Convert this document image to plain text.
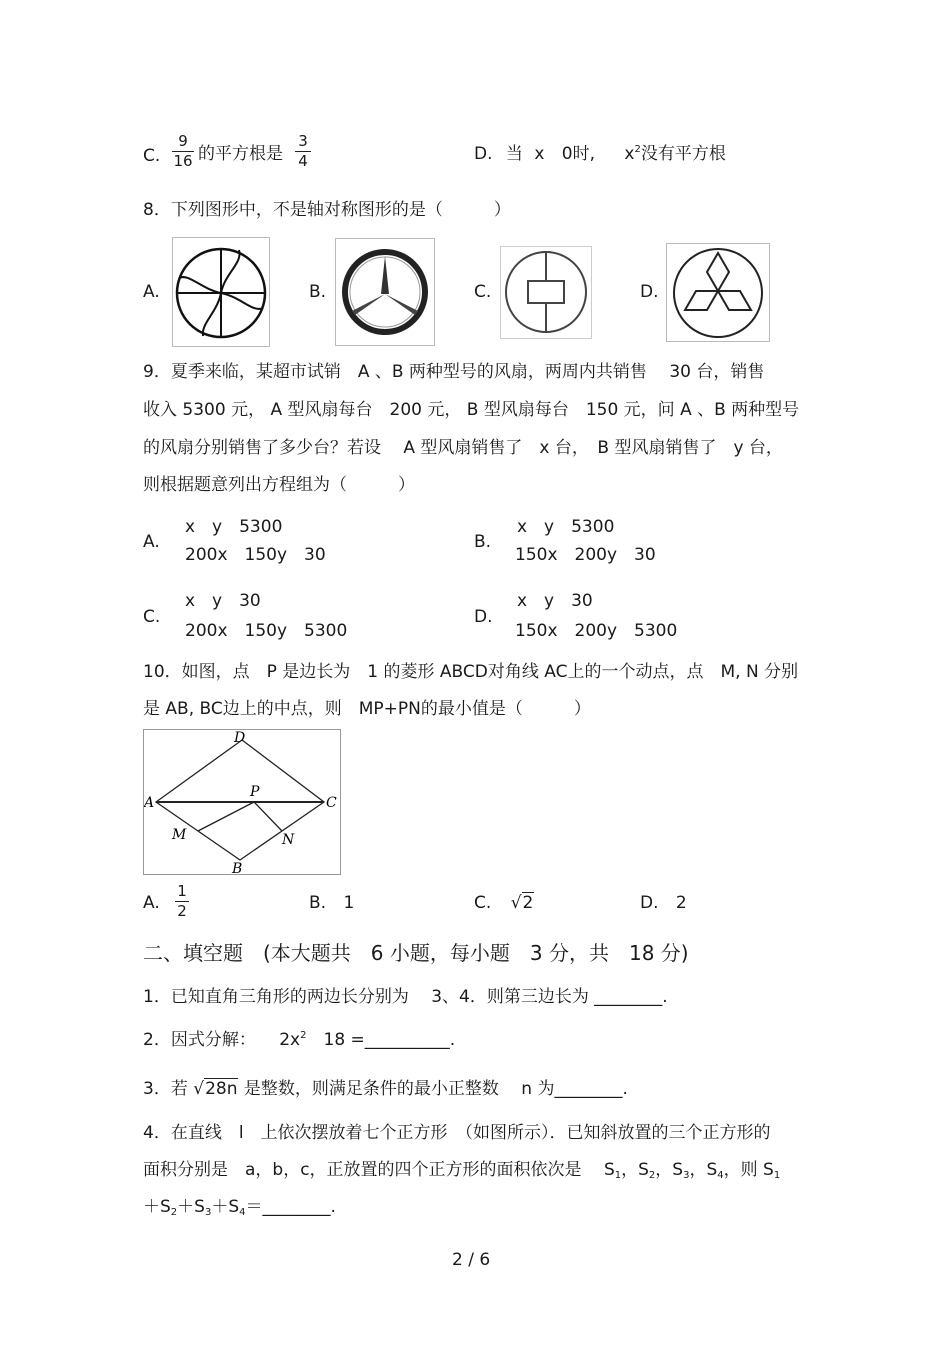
C.
9
16 的平方根是
3
4	D. 当 x 0时, $x^2$没有平方根
8．下列图形中，不是轴对称图形的是（　　　）
A.	B.	C.	D.
9．夏季来临，某超市试销　A 、B 两种型号的风扇，两周内共销售　 30 台，销售
收入 5300 元， A 型风扇每台　200 元， B 型风扇每台　150 元，问 A 、B 两种型号
的风扇分别销售了多少台？若设　 A 型风扇销售了　x 台，　B 型风扇销售了　y 台，
则根据题意列出方程组为（　　　）
A.
x　y　5300
200x　150y　30
B.
x　y　5300
150x　200y　30
C.
x　y　30
200x　150y　5300
D.
x　y　30
150x　200y　5300
10．如图，点　P 是边长为　1 的菱形 ABCD对角线 AC上的一个动点，点　M, N 分别
是 AB, BC边上的中点，则　MP+PN的最小值是（　　　）
D
A	C
B
P
M	N
A.
1
2	B. 1	C. √2	D. 2
二、填空题　(本大题共　6 小题，每小题　3 分，共　18 分)
1．已知直角三角形的两边长分别为　 3、4．则第三边长为 ________.
2．因式分解： $2x^2$　18 =__________.
3．若 √28n 是整数，则满足条件的最小正整数　 n 为________.
4．在直线　l　上依次摆放着七个正方形　（如图所示）．已知斜放置的三个正方形的
面积分别是　a，b，c，正放置的四个正方形的面积依次是　 S1，S2，S3，S4，则 S1
＋S2＋S3＋S4＝________.
2 / 6
